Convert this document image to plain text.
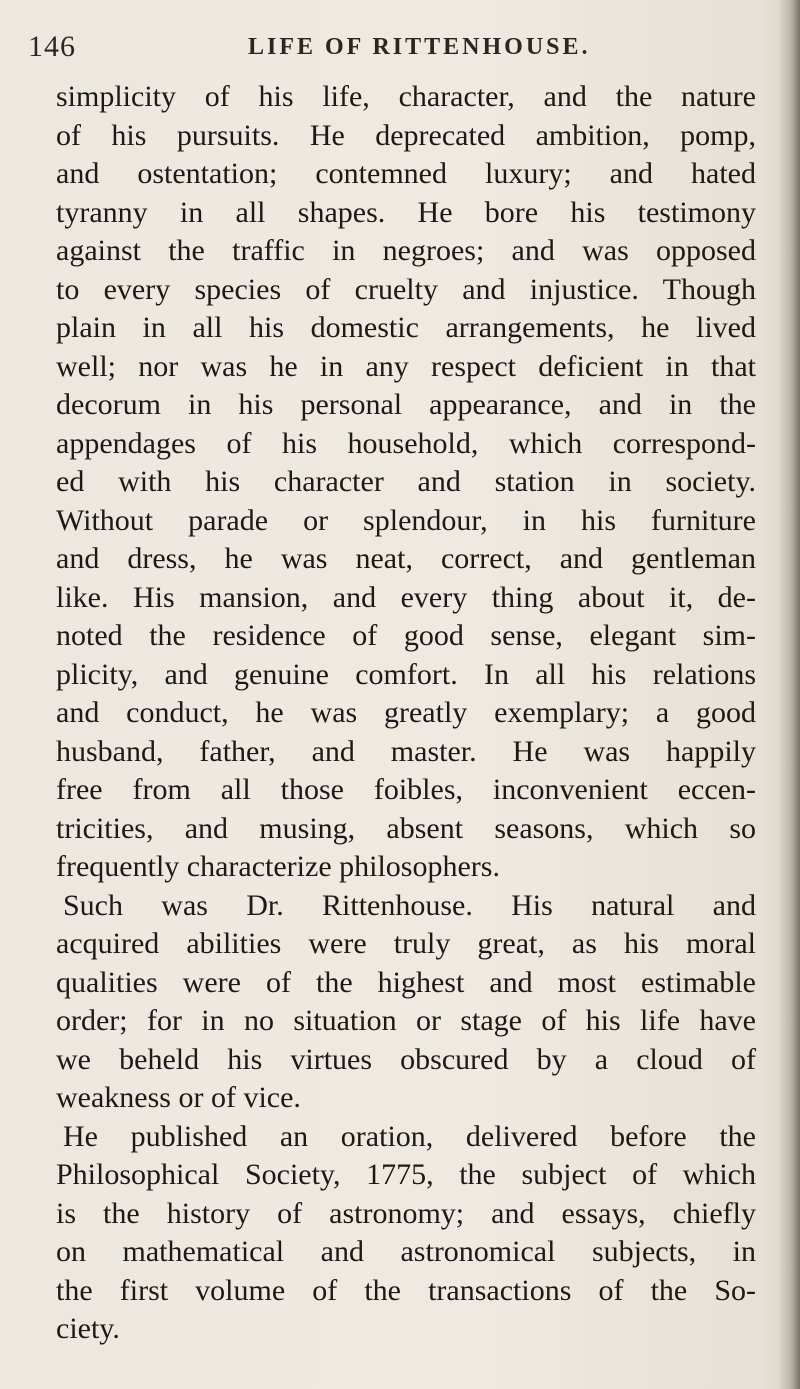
146	LIFE OF RITTENHOUSE.
simplicity of his life, character, and the nature
of his pursuits. He deprecated ambition, pomp,
and ostentation; contemned luxury; and hated
tyranny in all shapes. He bore his testimony
against the traffic in negroes; and was opposed
to every species of cruelty and injustice. Though
plain in all his domestic arrangements, he lived
well; nor was he in any respect deficient in that
decorum in his personal appearance, and in the
appendages of his household, which correspond-
ed with his character and station in society.
Without parade or splendour, in his furniture
and dress, he was neat, correct, and gentleman
like. His mansion, and every thing about it, de-
noted the residence of good sense, elegant sim-
plicity, and genuine comfort. In all his relations
and conduct, he was greatly exemplary; a good
husband, father, and master. He was happily
free from all those foibles, inconvenient eccen-
tricities, and musing, absent seasons, which so
frequently characterize philosophers.
Such was Dr. Rittenhouse. His natural and
acquired abilities were truly great, as his moral
qualities were of the highest and most estimable
order; for in no situation or stage of his life have
we beheld his virtues obscured by a cloud of
weakness or of vice.
He published an oration, delivered before the
Philosophical Society, 1775, the subject of which
is the history of astronomy; and essays, chiefly
on mathematical and astronomical subjects, in
the first volume of the transactions of the So-
ciety.
